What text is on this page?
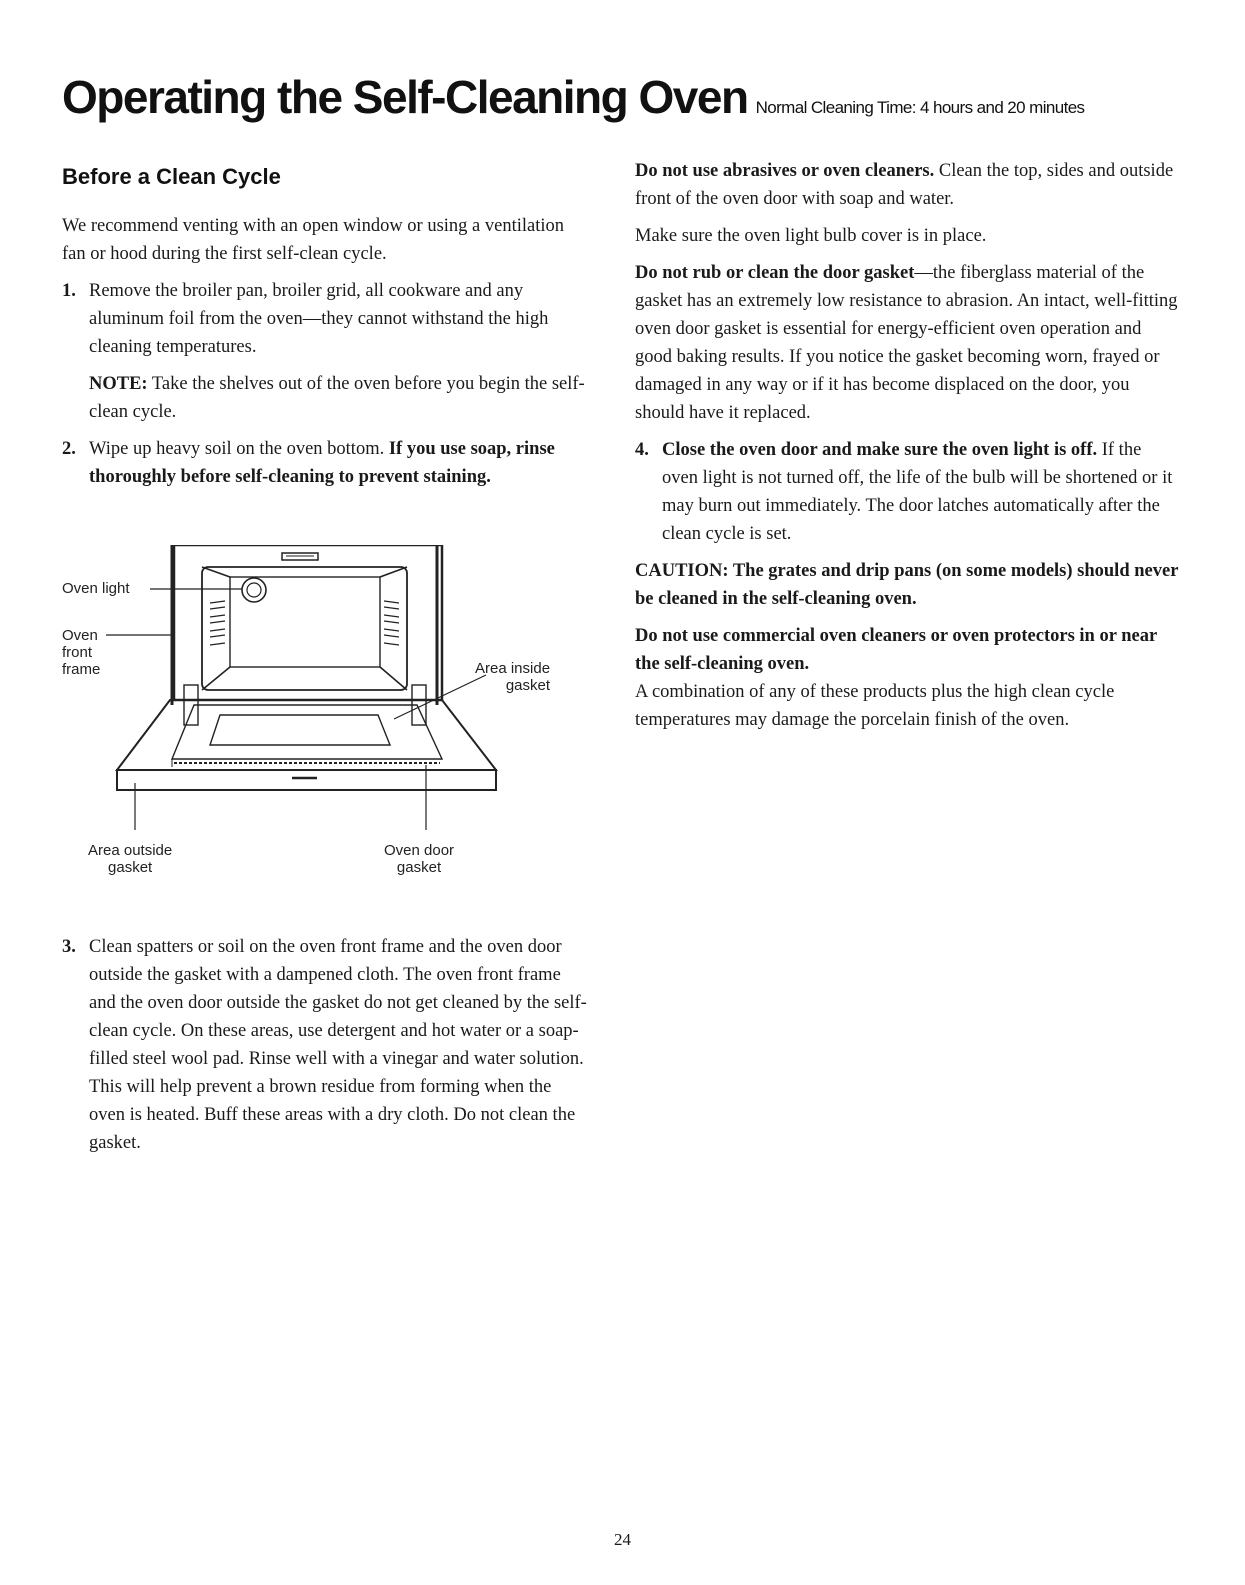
Operating the Self-Cleaning Oven Normal Cleaning Time: 4 hours and 20 minutes
Before a Clean Cycle

We recommend venting with an open window or using a ventilation fan or hood during the first self-clean cycle.

1. Remove the broiler pan, broiler grid, all cookware and any aluminum foil from the oven—they cannot withstand the high cleaning temperatures.

NOTE: Take the shelves out of the oven before you begin the self-clean cycle.

2. Wipe up heavy soil on the oven bottom. If you use soap, rinse thoroughly before self-cleaning to prevent staining.

Oven light
Oven
front
frame	Area inside
gasket
Area outside
gasket
Oven door
gasket

3. Clean spatters or soil on the oven front frame and the oven door outside the gasket with a dampened cloth. The oven front frame and the oven door outside the gasket do not get cleaned by the self-clean cycle. On these areas, use detergent and hot water or a soap-filled steel wool pad. Rinse well with a vinegar and water solution. This will help prevent a brown residue from forming when the oven is heated. Buff these areas with a dry cloth. Do not clean the gasket.

Do not use abrasives or oven cleaners. Clean the top, sides and outside front of the oven door with soap and water.

Make sure the oven light bulb cover is in place.

Do not rub or clean the door gasket—the fiberglass material of the gasket has an extremely low resistance to abrasion. An intact, well-fitting oven door gasket is essential for energy-efficient oven operation and good baking results. If you notice the gasket becoming worn, frayed or damaged in any way or if it has become displaced on the door, you should have it replaced.

4. Close the oven door and make sure the oven light is off. If the oven light is not turned off, the life of the bulb will be shortened or it may burn out immediately. The door latches automatically after the clean cycle is set.

CAUTION: The grates and drip pans (on some models) should never be cleaned in the self-cleaning oven.

Do not use commercial oven cleaners or oven protectors in or near the self-cleaning oven.
A combination of any of these products plus the high clean cycle temperatures may damage the porcelain finish of the oven.

24
